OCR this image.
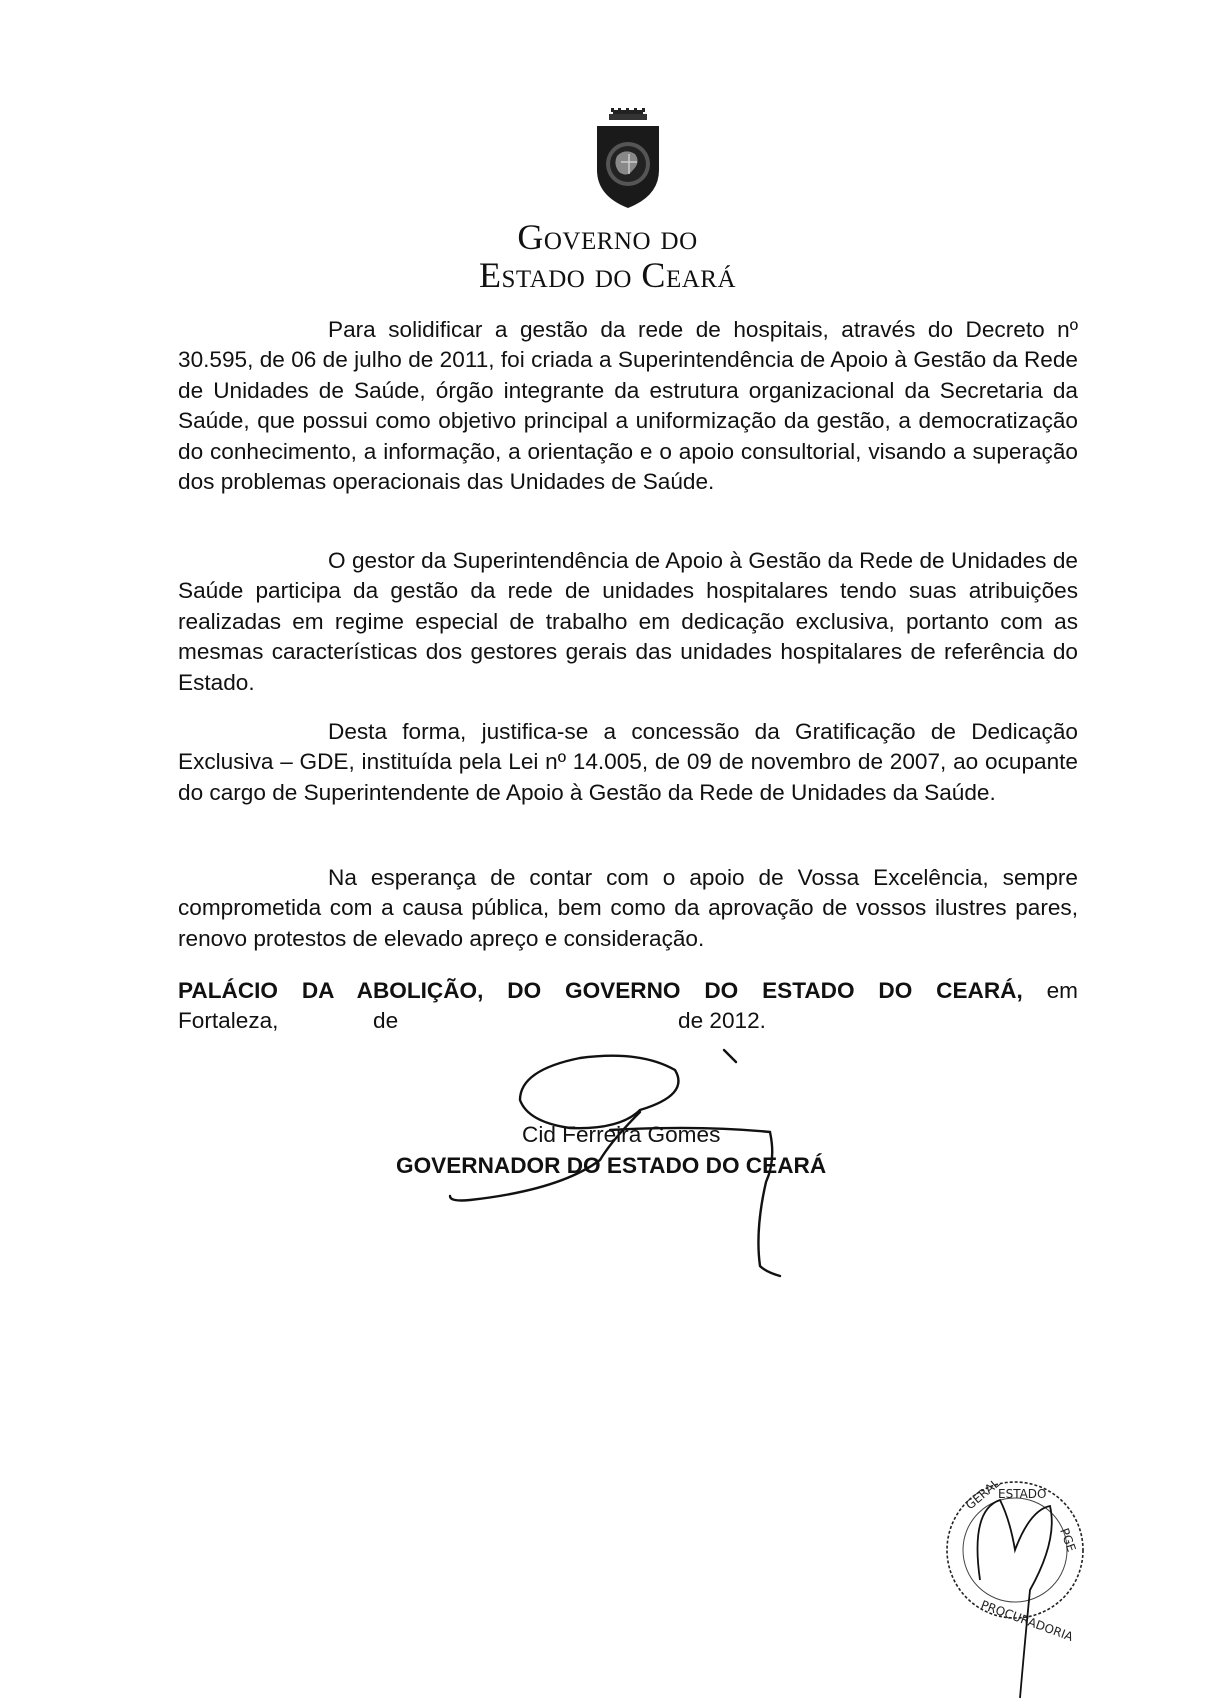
Governo do
Estado do Ceará

Para solidificar a gestão da rede de hospitais, através do Decreto nº 30.595, de 06 de julho de 2011, foi criada a Superintendência de Apoio à Gestão da Rede de Unidades de Saúde, órgão integrante da estrutura organizacional da Secretaria da Saúde, que possui como objetivo principal a uniformização da gestão, a democratização do conhecimento, a informação, a orientação e o apoio consultorial, visando a superação dos problemas operacionais das Unidades de Saúde.

O gestor da Superintendência de Apoio à Gestão da Rede de Unidades de Saúde participa da gestão da rede de unidades hospitalares tendo suas atribuições realizadas em regime especial de trabalho em dedicação exclusiva, portanto com as mesmas características dos gestores gerais das unidades hospitalares de referência do Estado.

Desta forma, justifica-se a concessão da Gratificação de Dedicação Exclusiva – GDE, instituída pela Lei nº 14.005, de 09 de novembro de 2007, ao ocupante do cargo de Superintendente de Apoio à Gestão da Rede de Unidades da Saúde.

Na esperança de contar com o apoio de Vossa Excelência, sempre comprometida com a causa pública, bem como da aprovação de vossos ilustres pares, renovo protestos de elevado apreço e consideração.

PALÁCIO DA ABOLIÇÃO, DO GOVERNO DO ESTADO DO CEARÁ, em
Fortaleza,	de	de 2012.
Cid Ferreira Gomes
GOVERNADOR DO ESTADO DO CEARÁ
GERAL
ESTADO
PGE
PROCURADORIA
